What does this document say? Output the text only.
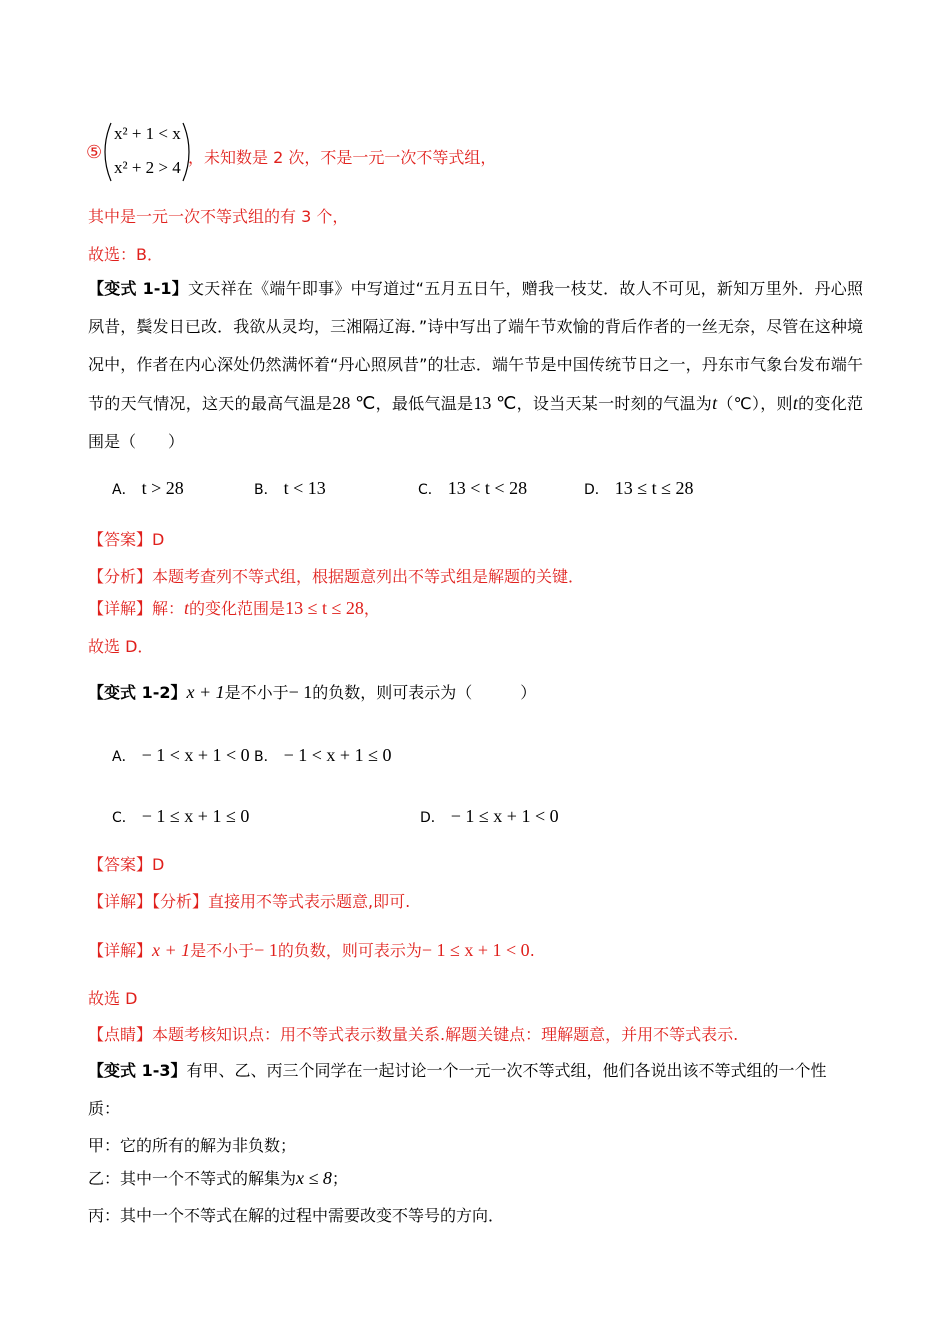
⑤
x² + 1 < x
x² + 2 > 4
，未知数是 2 次，不是一元一次不等式组，
其中是一元一次不等式组的有 3 个，
故选：B．
【变式 1-1】文天祥在《端午即事》中写道过“五月五日午，赠我一枝艾．故人不可见，新知万里外．丹心照夙昔，鬓发日已改．我欲从灵均，三湘隔辽海．”诗中写出了端午节欢愉的背后作者的一丝无奈，尽管在这种境况中，作者在内心深处仍然满怀着“丹心照夙昔”的壮志．端午节是中国传统节日之一，丹东市气象台发布端午节的天气情况，这天的最高气温是28 ℃，最低气温是13 ℃，设当天某一时刻的气温为t（℃），则t的变化范围是（　　）
A． t > 28	B． t < 13	C． 13 < t < 28	D． 13 ≤ t ≤ 28
【答案】D
【分析】本题考查列不等式组，根据题意列出不等式组是解题的关键．
【详解】解：t的变化范围是13 ≤ t ≤ 28，
故选 D．
【变式 1-2】x + 1是不小于− 1的负数，则可表示为（　　　）
A． − 1 < x + 1 < 0 B． − 1 < x + 1 ≤ 0
C． − 1 ≤ x + 1 ≤ 0	D． − 1 ≤ x + 1 < 0
【答案】D
【详解】【分析】直接用不等式表示题意,即可.
【详解】x + 1是不小于− 1的负数，则可表示为− 1 ≤ x + 1 < 0.
故选 D
【点睛】本题考核知识点：用不等式表示数量关系.解题关键点：理解题意，并用不等式表示.
【变式 1-3】有甲、乙、丙三个同学在一起讨论一个一元一次不等式组，他们各说出该不等式组的一个性
质：
甲：它的所有的解为非负数；
乙：其中一个不等式的解集为x ≤ 8；
丙：其中一个不等式在解的过程中需要改变不等号的方向．
